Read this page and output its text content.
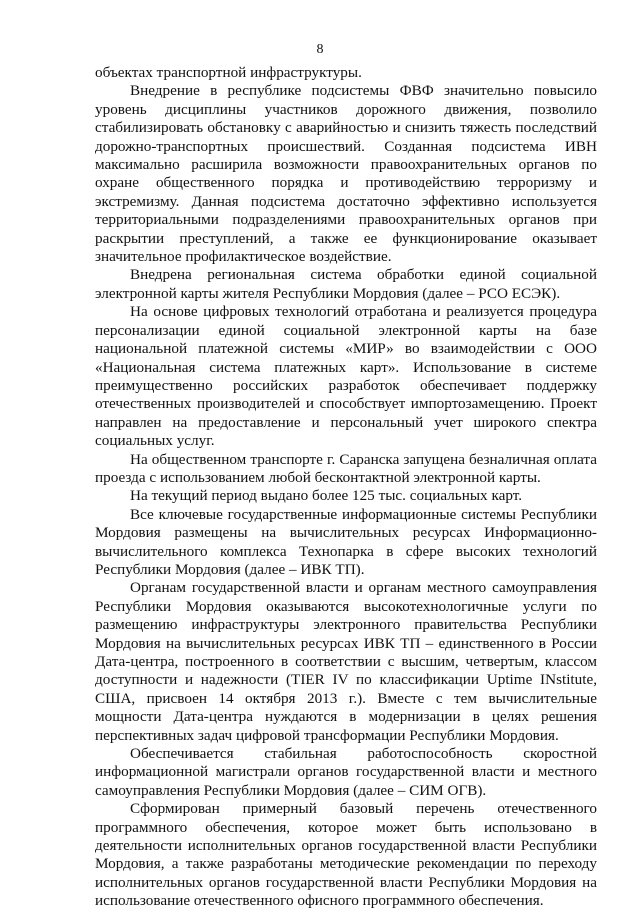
8

объектах транспортной инфраструктуры.

Внедрение в республике подсистемы ФВФ значительно повысило уровень дисциплины участников дорожного движения, позволило стабилизировать обстановку с аварийностью и снизить тяжесть последствий дорожно-транспортных происшествий. Созданная подсистема ИВН максимально расширила возможности правоохранительных органов по охране общественного порядка и противодействию терроризму и экстремизму. Данная подсистема достаточно эффективно используется территориальными подразделениями правоохранительных органов при раскрытии преступлений, а также ее функционирование оказывает значительное профилактическое воздействие.

Внедрена региональная система обработки единой социальной электронной карты жителя Республики Мордовия (далее – РСО ЕСЭК).

На основе цифровых технологий отработана и реализуется процедура персонализации единой социальной электронной карты на базе национальной платежной системы «МИР» во взаимодействии с ООО «Национальная система платежных карт». Использование в системе преимущественно российских разработок обеспечивает поддержку отечественных производителей и способствует импортозамещению. Проект направлен на предоставление и персональный учет широкого спектра социальных услуг.

На общественном транспорте г. Саранска запущена безналичная оплата проезда с использованием любой бесконтактной электронной карты.

На текущий период выдано более 125 тыс. социальных карт.

Все ключевые государственные информационные системы Республики Мордовия размещены на вычислительных ресурсах Информационно-вычислительного комплекса Технопарка в сфере высоких технологий Республики Мордовия (далее – ИВК ТП).

Органам государственной власти и органам местного самоуправления Республики Мордовия оказываются высокотехнологичные услуги по размещению инфраструктуры электронного правительства Республики Мордовия на вычислительных ресурсах ИВК ТП – единственного в России Дата-центра, построенного в соответствии с высшим, четвертым, классом доступности и надежности (TIER IV по классификации Uptime INstitute, США, присвоен 14 октября 2013 г.). Вместе с тем вычислительные мощности Дата-центра нуждаются в модернизации в целях решения перспективных задач цифровой трансформации Республики Мордовия.

Обеспечивается стабильная работоспособность скоростной информационной магистрали органов государственной власти и местного самоуправления Республики Мордовия (далее – СИМ ОГВ).

Сформирован примерный базовый перечень отечественного программного обеспечения, которое может быть использовано в деятельности исполнительных органов государственной власти Республики Мордовия, а также разработаны методические рекомендации по переходу исполнительных органов государственной власти Республики Мордовия на использование отечественного офисного программного обеспечения.
